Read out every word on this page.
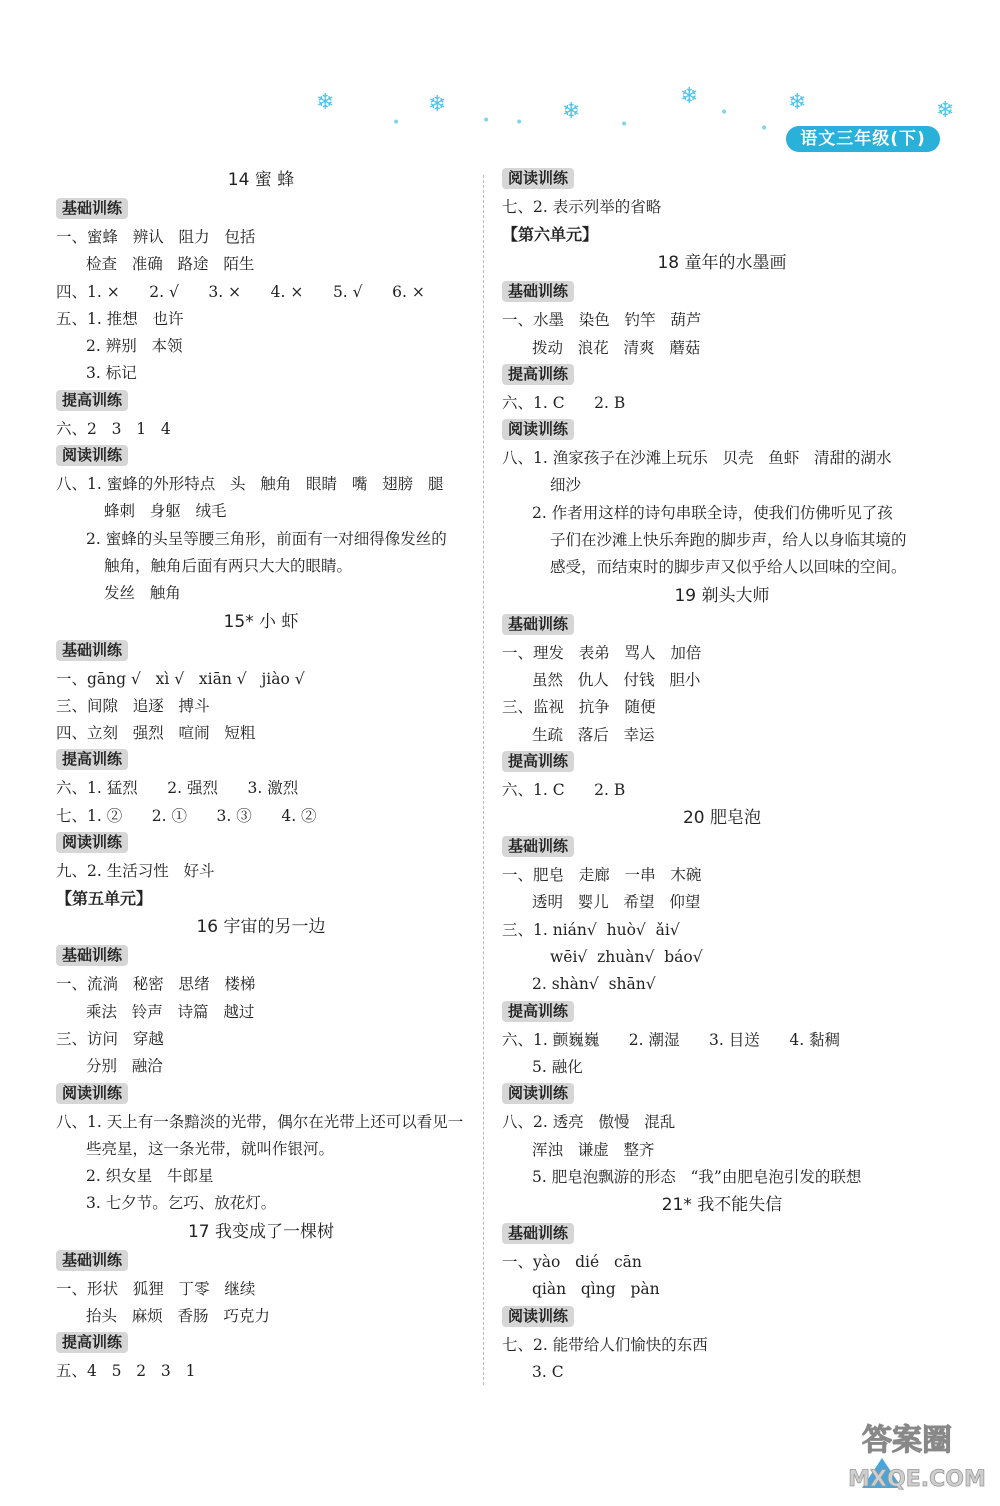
❄	❄	❄
❄	❄	❄
•	• •	•
•
•	语文三年级(下)
14 蜜 蜂
基础训练
一、蜜蜂   辨认   阻力   包括
检查   准确   路途   陌生
四、1. ×      2. √      3. ×      4. ×      5. √      6. ×
五、1. 推想   也许
2. 辨别   本领
3. 标记
提高训练
六、2   3   1   4
阅读训练
八、1. 蜜蜂的外形特点   头   触角   眼睛   嘴   翅膀   腿
蜂刺   身躯   绒毛
2. 蜜蜂的头呈等腰三角形，前面有一对细得像发丝的
触角，触角后面有两只大大的眼睛。
发丝   触角
15* 小 虾
基础训练
一、gāng √   xì √   xiān √   jiào √
三、间隙   追逐   搏斗
四、立刻   强烈   喧闹   短粗
提高训练
六、1. 猛烈      2. 强烈      3. 激烈
七、1. ②      2. ①      3. ③      4. ②
阅读训练
九、2. 生活习性   好斗
【第五单元】
16 宇宙的另一边
基础训练
一、流淌   秘密   思绪   楼梯
乘法   铃声   诗篇   越过
三、访问   穿越
分别   融洽
阅读训练
八、1. 天上有一条黯淡的光带，偶尔在光带上还可以看见一
些亮星，这一条光带，就叫作银河。
2. 织女星   牛郎星
3. 七夕节。乞巧、放花灯。
17 我变成了一棵树
基础训练
一、形状   狐狸   丁零   继续
抬头   麻烦   香肠   巧克力
提高训练
五、4   5   2   3   1
阅读训练
七、2. 表示列举的省略
【第六单元】
18 童年的水墨画
基础训练
一、水墨   染色   钓竿   葫芦
拨动   浪花   清爽   蘑菇
提高训练
六、1. C      2. B
阅读训练
八、1. 渔家孩子在沙滩上玩乐   贝壳   鱼虾   清甜的湖水
细沙
2. 作者用这样的诗句串联全诗，使我们仿佛听见了孩
子们在沙滩上快乐奔跑的脚步声，给人以身临其境的
感受，而结束时的脚步声又似乎给人以回味的空间。
19 剃头大师
基础训练
一、理发   表弟   骂人   加倍
虽然   仇人   付钱   胆小
三、监视   抗争   随便
生疏   落后   幸运
提高训练
六、1. C      2. B
20 肥皂泡
基础训练
一、肥皂   走廊   一串   木碗
透明   婴儿   希望   仰望
三、1. nián√  huò√  ǎi√
wēi√  zhuàn√  báo√
2. shàn√  shān√
提高训练
六、1. 颤巍巍      2. 潮湿      3. 目送      4. 黏稠
5. 融化
阅读训练
八、2. 透亮   傲慢   混乱
浑浊   谦虚   整齐
5. 肥皂泡飘游的形态   “我”由肥皂泡引发的联想
21* 我不能失信
基础训练
一、yào   dié   cān
qiàn   qìng   pàn
阅读训练
七、2. 能带给人们愉快的东西
3. C
答案圈
MXQE.COM
